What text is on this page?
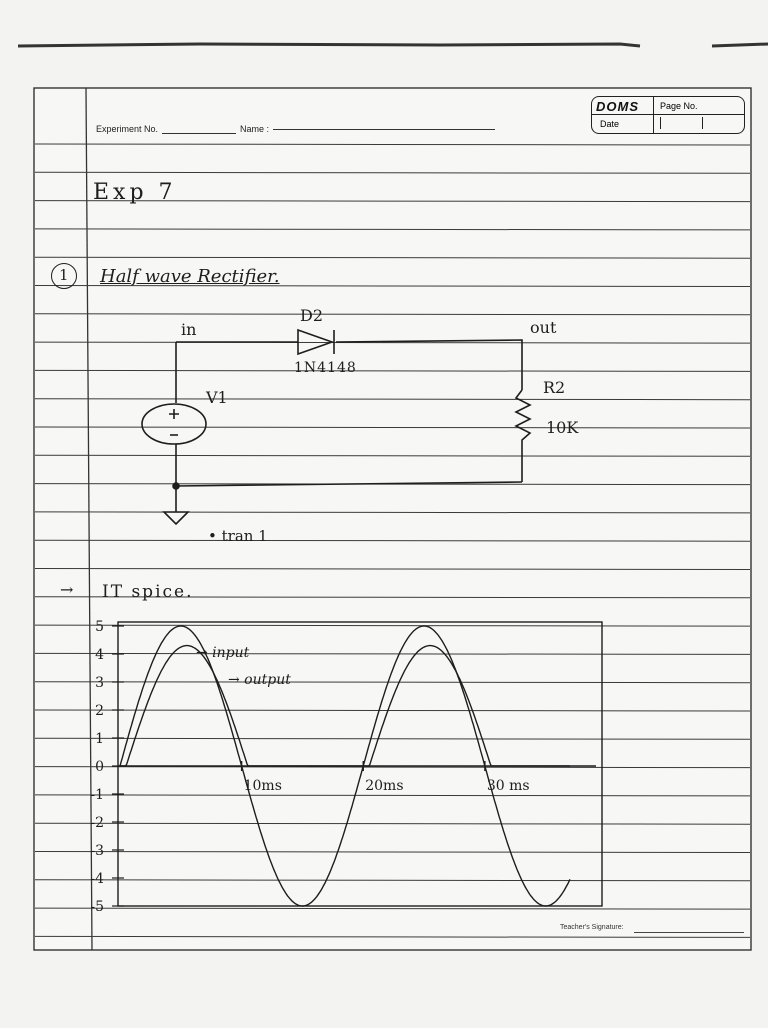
5
4
3
2
1
0
-1
-2
-3
-4
-5
10ms	20ms	30 ms
→ input
→ output
Experiment No.	Name :
DOMS Page No.
Date
Exp 7
1 Half wave Rectifier.
in	out
D2
1N4148
V1
R2
10K
• tran 1
→ IT spice.
Teacher's Signature:
